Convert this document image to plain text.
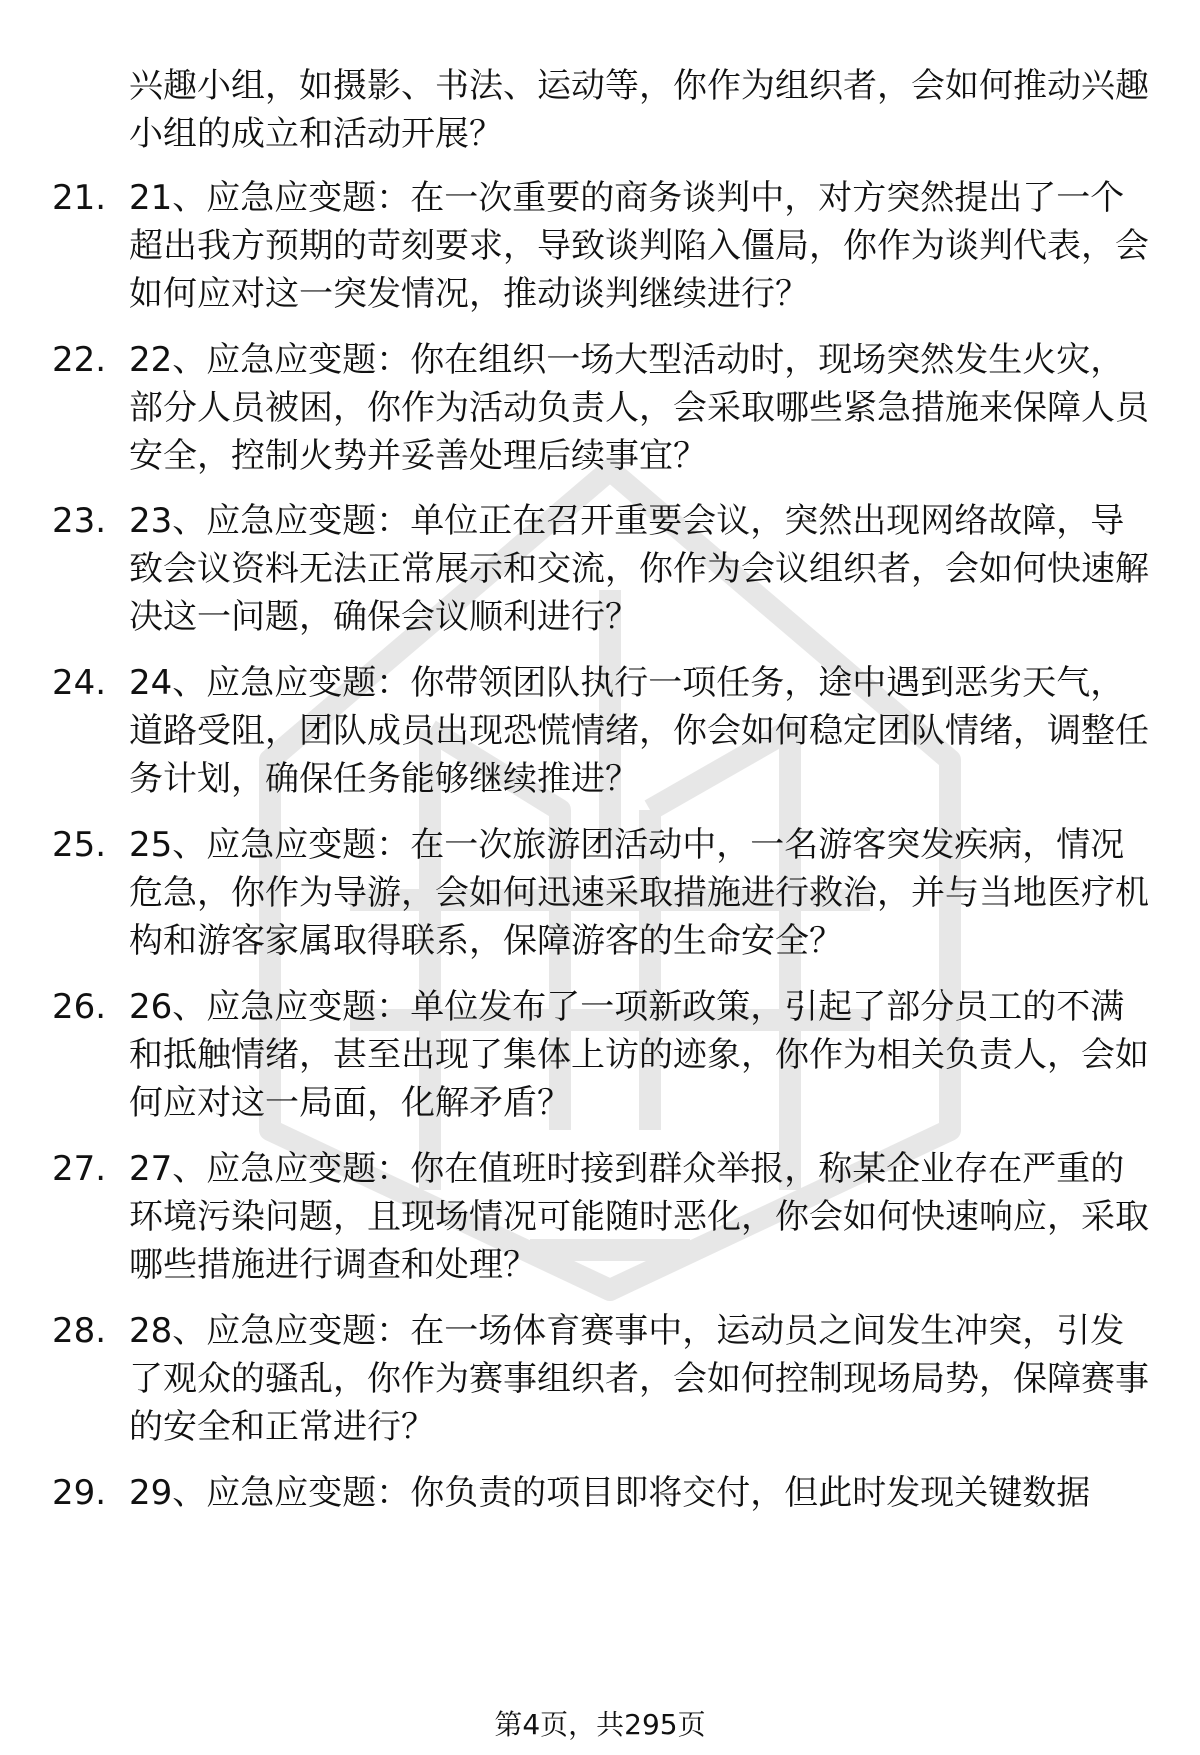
兴趣小组，如摄影、书法、运动等，你作为组织者，会如何推动兴趣小组的成立和活动开展？

21. 21、应急应变题：在一次重要的商务谈判中，对方突然提出了一个超出我方预期的苛刻要求，导致谈判陷入僵局，你作为谈判代表，会如何应对这一突发情况，推动谈判继续进行？

22. 22、应急应变题：你在组织一场大型活动时，现场突然发生火灾，部分人员被困，你作为活动负责人，会采取哪些紧急措施来保障人员安全，控制火势并妥善处理后续事宜？

23. 23、应急应变题：单位正在召开重要会议，突然出现网络故障，导致会议资料无法正常展示和交流，你作为会议组织者，会如何快速解决这一问题，确保会议顺利进行？

24. 24、应急应变题：你带领团队执行一项任务，途中遇到恶劣天气，道路受阻，团队成员出现恐慌情绪，你会如何稳定团队情绪，调整任务计划，确保任务能够继续推进？

25. 25、应急应变题：在一次旅游团活动中，一名游客突发疾病，情况危急，你作为导游，会如何迅速采取措施进行救治，并与当地医疗机构和游客家属取得联系，保障游客的生命安全？

26. 26、应急应变题：单位发布了一项新政策，引起了部分员工的不满和抵触情绪，甚至出现了集体上访的迹象，你作为相关负责人，会如何应对这一局面，化解矛盾？

27. 27、应急应变题：你在值班时接到群众举报，称某企业存在严重的环境污染问题，且现场情况可能随时恶化，你会如何快速响应，采取哪些措施进行调查和处理？

28. 28、应急应变题：在一场体育赛事中，运动员之间发生冲突，引发了观众的骚乱，你作为赛事组织者，会如何控制现场局势，保障赛事的安全和正常进行？

29. 29、应急应变题：你负责的项目即将交付，但此时发现关键数据

第4页，共295页
